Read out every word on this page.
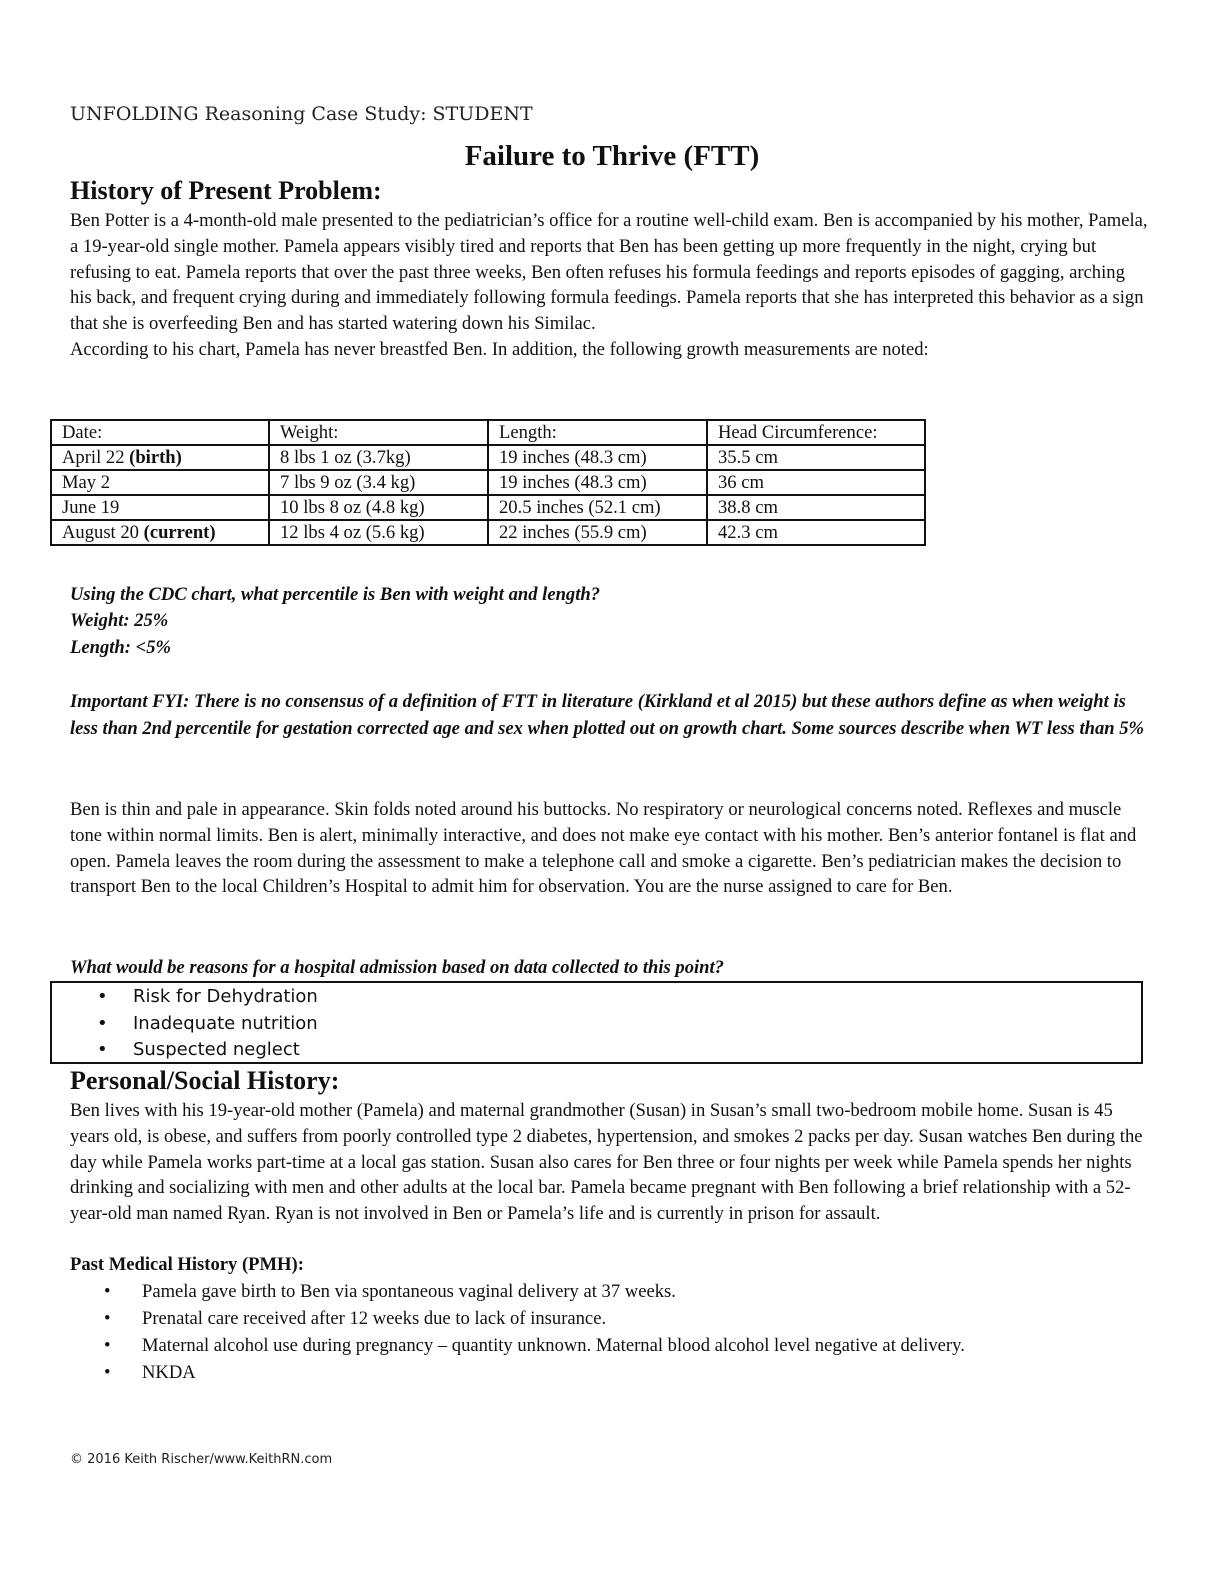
UNFOLDING Reasoning Case Study: STUDENT
Failure to Thrive (FTT)
History of Present Problem:

Ben Potter is a 4-month-old male presented to the pediatrician’s office for a routine well-child exam. Ben is accompanied by his mother, Pamela, a 19-year-old single mother. Pamela appears visibly tired and reports that Ben has been getting up more frequently in the night, crying but refusing to eat. Pamela reports that over the past three weeks, Ben often refuses his formula feedings and reports episodes of gagging, arching his back, and frequent crying during and immediately following formula feedings. Pamela reports that she has interpreted this behavior as a sign that she is overfeeding Ben and has started watering down his Similac.

According to his chart, Pamela has never breastfed Ben. In addition, the following growth measurements are noted:

Date:	Weight:	Length:	Head Circumference:
April 22 (birth)	8 lbs 1 oz (3.7kg)	19 inches (48.3 cm)	35.5 cm
May 2	7 lbs 9 oz (3.4 kg)	19 inches (48.3 cm)	36 cm
June 19	10 lbs 8 oz (4.8 kg)	20.5 inches (52.1 cm)	38.8 cm
August 20 (current)	12 lbs 4 oz (5.6 kg)	22 inches (55.9 cm)	42.3 cm
Using the CDC chart, what percentile is Ben with weight and length?
Weight: 25%
Length: <5%
Important FYI: There is no consensus of a definition of FTT in literature (Kirkland et al 2015) but these authors define as when weight is less than 2nd percentile for gestation corrected age and sex when plotted out on growth chart. Some sources describe when WT less than 5%
Ben is thin and pale in appearance. Skin folds noted around his buttocks. No respiratory or neurological concerns noted. Reflexes and muscle tone within normal limits. Ben is alert, minimally interactive, and does not make eye contact with his mother. Ben’s anterior fontanel is flat and open. Pamela leaves the room during the assessment to make a telephone call and smoke a cigarette. Ben’s pediatrician makes the decision to transport Ben to the local Children’s Hospital to admit him for observation. You are the nurse assigned to care for Ben.
What would be reasons for a hospital admission based on data collected to this point?
• Risk for Dehydration
• Inadequate nutrition
• Suspected neglect
Personal/Social History:
Ben lives with his 19-year-old mother (Pamela) and maternal grandmother (Susan) in Susan’s small two-bedroom mobile home. Susan is 45 years old, is obese, and suffers from poorly controlled type 2 diabetes, hypertension, and smokes 2 packs per day. Susan watches Ben during the day while Pamela works part-time at a local gas station. Susan also cares for Ben three or four nights per week while Pamela spends her nights drinking and socializing with men and other adults at the local bar. Pamela became pregnant with Ben following a brief relationship with a 52-year-old man named Ryan. Ryan is not involved in Ben or Pamela’s life and is currently in prison for assault.
Past Medical History (PMH):
• Pamela gave birth to Ben via spontaneous vaginal delivery at 37 weeks.
• Prenatal care received after 12 weeks due to lack of insurance.
• Maternal alcohol use during pregnancy – quantity unknown. Maternal blood alcohol level negative at delivery.
• NKDA
© 2016 Keith Rischer/www.KeithRN.com
